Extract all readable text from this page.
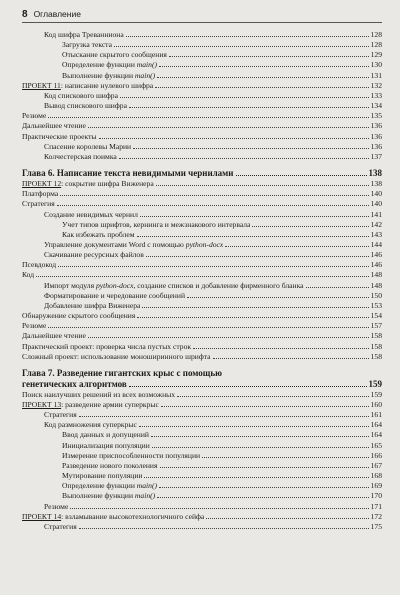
8 Оглавление
Код шифра Треванниона	128
Загрузка текста	128
Отыскание скрытого сообщения	129
Определение функции main()	130
Выполнение функции main()	131
ПРОЕКТ 11: написание нулевого шифра	132
Код спискового шифра	133
Вывод спискового шифра	134
Резюме	135
Дальнейшее чтение	136
Практические проекты	136
Спасение королевы Марии	136
Колчестерская поимка	137
Глава 6. Написание текста невидимыми чернилами	138
ПРОЕКТ 12: сокрытие шифра Виженера	138
Платформа	140
Стратегия	140
Создание невидимых чернил	141
Учет типов шрифтов, кернинга и межзнакового интервала	142
Как избежать проблем	143
Управление документами Word с помощью python-docx	144
Скачивание ресурсных файлов	146
Псевдокод	146
Код	148
Импорт модуля python-docx, создание списков и добавление фирменного бланка	148
Форматирование и чередование сообщений	150
Добавление шифра Виженера	153
Обнаружение скрытого сообщения	154
Резюме	157
Дальнейшее чтение	158
Практический проект: проверка числа пустых строк	158
Сложный проект: использование моноширинного шрифта	158
Глава 7. Разведение гигантских крыс с помощью
генетических алгоритмов	159
Поиск наилучших решений из всех возможных	159
ПРОЕКТ 13: разведение армии суперкрыс	160
Стратегия	161
Код размножения суперкрыс	164
Ввод данных и допущений	164
Инициализация популяции	165
Измерение приспособленности популяции	166
Разведение нового поколения	167
Мутирование популяции	168
Определение функции main()	169
Выполнение функции main()	170
Резюме	171
ПРОЕКТ 14: взламывание высокотехнологичного сейфа	172
Стратегия	175
